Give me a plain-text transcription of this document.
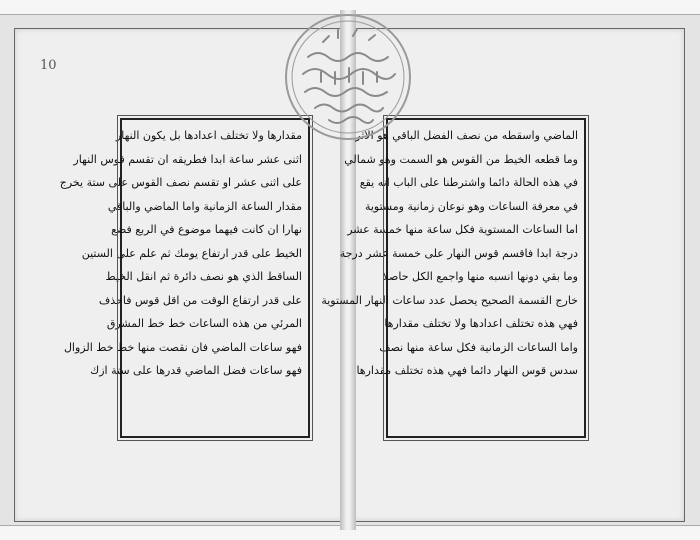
10
مقدارها ولا تختلف اعدادها بل يكون النهار
اثنى عشر ساعة ابدا فطريقه ان تقسم قوس النهار
على اثنى عشر او تقسم نصف القوس على ستة يخرج
مقدار الساعة الزمانية واما الماضي والباقي
نهارا ان كانت فيهما موضوع في الربع فضع
الخيط على قدر ارتفاع يومك ثم علم على الستين
الساقط الذي هو نصف دائرة ثم انقل الخيط
على قدر ارتفاع الوقت من اقل قوس فاحذف
المرئي من هذه الساعات خط خط المشرق
فهو ساعات الماضي فان نقصت منها خط خط الزوال
فهو ساعات فضل الماضي قدرها على ستة ازك
الماضي واسقطه من نصف الفضل الباقي هو الاثر
وما قطعه الخيط من القوس هو السمت وهو شمالي
في هذه الحالة دائما واشترطنا على الباب انه يقع
في معرفة الساعات وهو نوعان زمانية ومستوية
اما الساعات المستوية فكل ساعة منها خمسة عشر
درجة ابدا فاقسم قوس النهار على خمسة عشر درجة
وما بقي دونها انسبه منها واجمع الكل حاصلا
خارج القسمة الصحيح يحصل عدد ساعات النهار المستوية
فهي هذه تختلف اعدادها ولا تختلف مقدارها
واما الساعات الزمانية فكل ساعة منها نصف
سدس قوس النهار دائما فهي هذه تختلف مقدارها
